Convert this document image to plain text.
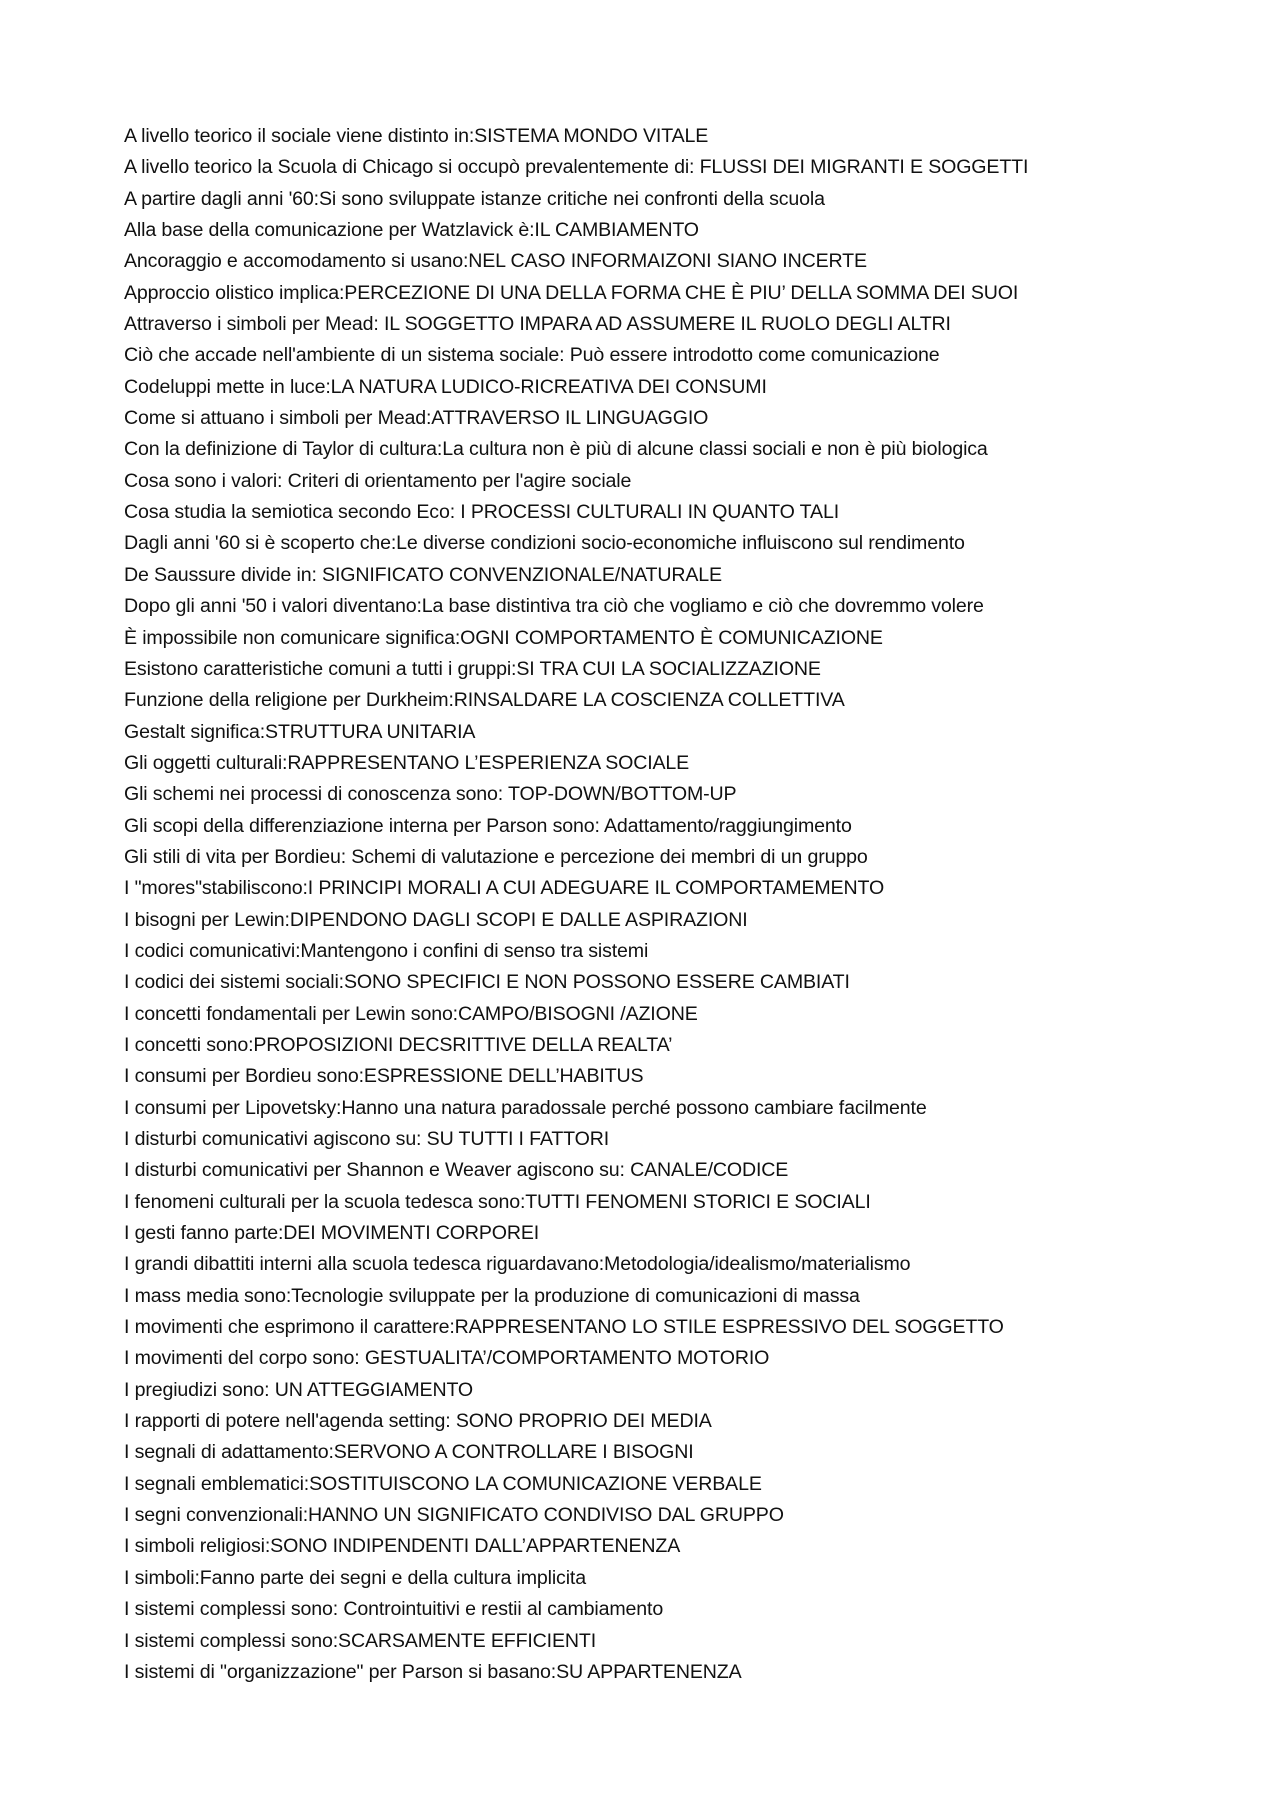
A livello teorico il sociale viene distinto in:SISTEMA MONDO VITALE
A livello teorico la Scuola di Chicago si occupò prevalentemente di: FLUSSI DEI MIGRANTI E SOGGETTI
A partire dagli anni '60:Si sono sviluppate istanze critiche nei confronti della scuola
Alla base della comunicazione per Watzlavick è:IL CAMBIAMENTO
Ancoraggio e accomodamento si usano:NEL CASO INFORMAIZONI SIANO INCERTE
Approccio olistico implica:PERCEZIONE DI UNA DELLA FORMA CHE È PIU’ DELLA SOMMA DEI SUOI
Attraverso i simboli per Mead: IL SOGGETTO IMPARA AD ASSUMERE IL RUOLO DEGLI ALTRI
Ciò che accade nell'ambiente di un sistema sociale: Può essere introdotto come comunicazione
Codeluppi mette in luce:LA NATURA LUDICO-RICREATIVA DEI CONSUMI
Come si attuano i simboli per Mead:ATTRAVERSO IL LINGUAGGIO
Con la definizione di Taylor di cultura:La cultura non è più di alcune classi sociali e non è più biologica
Cosa sono i valori: Criteri di orientamento per l'agire sociale
Cosa studia la semiotica secondo Eco: I PROCESSI CULTURALI IN QUANTO TALI
Dagli anni '60 si è scoperto che:Le diverse condizioni socio-economiche influiscono sul rendimento
De Saussure divide in: SIGNIFICATO CONVENZIONALE/NATURALE
Dopo gli anni '50 i valori diventano:La base distintiva tra ciò che vogliamo e ciò che dovremmo volere
È impossibile non comunicare significa:OGNI COMPORTAMENTO È COMUNICAZIONE
Esistono caratteristiche comuni a tutti i gruppi:SI TRA CUI LA SOCIALIZZAZIONE
Funzione della religione per Durkheim:RINSALDARE LA COSCIENZA COLLETTIVA
Gestalt significa:STRUTTURA UNITARIA
Gli oggetti culturali:RAPPRESENTANO L’ESPERIENZA SOCIALE
Gli schemi nei processi di conoscenza sono: TOP-DOWN/BOTTOM-UP
Gli scopi della differenziazione interna per Parson sono: Adattamento/raggiungimento
Gli stili di vita per Bordieu: Schemi di valutazione e percezione dei membri di un gruppo
I "mores"stabiliscono:I PRINCIPI MORALI A CUI ADEGUARE IL COMPORTAMEMENTO
I bisogni per Lewin:DIPENDONO DAGLI SCOPI E DALLE ASPIRAZIONI
I codici comunicativi:Mantengono i confini di senso tra sistemi
I codici dei sistemi sociali:SONO SPECIFICI E NON POSSONO ESSERE CAMBIATI
I concetti fondamentali per Lewin sono:CAMPO/BISOGNI /AZIONE
I concetti sono:PROPOSIZIONI DECSRITTIVE DELLA REALTA’
I consumi per Bordieu sono:ESPRESSIONE DELL’HABITUS
I consumi per Lipovetsky:Hanno una natura paradossale perché possono cambiare facilmente
I disturbi comunicativi agiscono su: SU TUTTI I FATTORI
I disturbi comunicativi per Shannon e Weaver agiscono su: CANALE/CODICE
I fenomeni culturali per la scuola tedesca sono:TUTTI FENOMENI STORICI E SOCIALI
I gesti fanno parte:DEI MOVIMENTI CORPOREI
I grandi dibattiti interni alla scuola tedesca riguardavano:Metodologia/idealismo/materialismo
I mass media sono:Tecnologie sviluppate per la produzione di comunicazioni di massa
I movimenti che esprimono il carattere:RAPPRESENTANO LO STILE ESPRESSIVO DEL SOGGETTO
I movimenti del corpo sono: GESTUALITA’/COMPORTAMENTO MOTORIO
I pregiudizi sono: UN ATTEGGIAMENTO
I rapporti di potere nell'agenda setting: SONO PROPRIO DEI MEDIA
I segnali di adattamento:SERVONO A CONTROLLARE I BISOGNI
I segnali emblematici:SOSTITUISCONO LA COMUNICAZIONE VERBALE
I segni convenzionali:HANNO UN SIGNIFICATO CONDIVISO DAL GRUPPO
I simboli religiosi:SONO INDIPENDENTI DALL’APPARTENENZA
I simboli:Fanno parte dei segni e della cultura implicita
I sistemi complessi sono: Controintuitivi e restii al cambiamento
I sistemi complessi sono:SCARSAMENTE EFFICIENTI
I sistemi di "organizzazione" per Parson si basano:SU APPARTENENZA
